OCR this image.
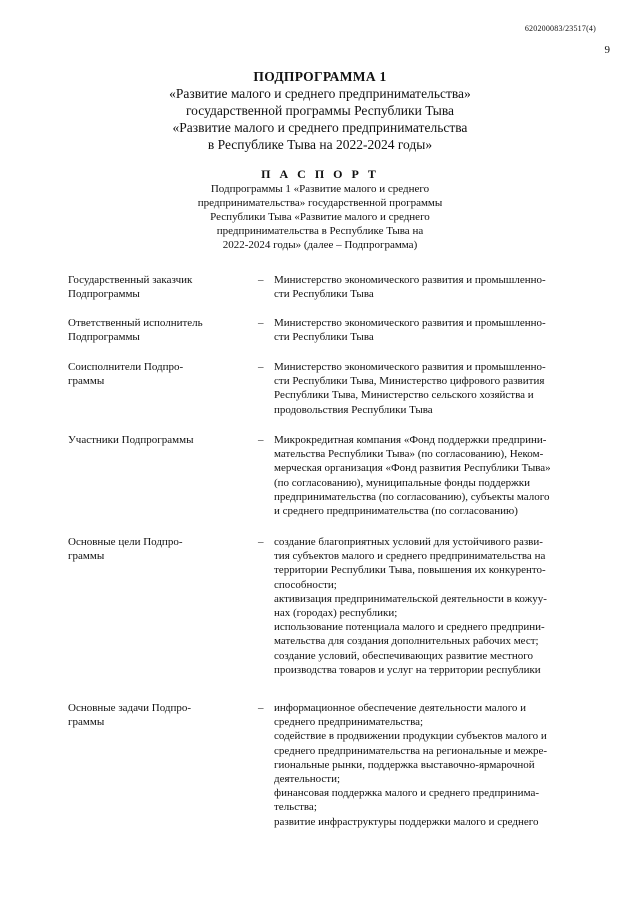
620200083/23517(4)
9
ПОДПРОГРАММА 1
«Развитие малого и среднего предпринимательства»
государственной программы Республики Тыва
«Развитие малого и среднего предпринимательства
в Республике Тыва на 2022-2024 годы»
П А С П О Р Т
Подпрограммы 1 «Развитие малого и среднего
предпринимательства» государственной программы
Республики Тыва «Развитие малого и среднего
предпринимательства в Республике Тыва на
2022-2024 годы» (далее – Подпрограмма)
Государственный заказчик
Подпрограммы
– Министерство экономического развития и промышленно-
сти Республики Тыва
Ответственный исполнитель
Подпрограммы
– Министерство экономического развития и промышленно-
сти Республики Тыва
Соисполнители Подпро-
граммы
– Министерство экономического развития и промышленно-
сти Республики Тыва, Министерство цифрового развития
Республики Тыва, Министерство сельского хозяйства и
продовольствия Республики Тыва
Участники Подпрограммы	– Микрокредитная компания «Фонд поддержки предприни-
мательства Республики Тыва» (по согласованию), Неком-
мерческая организация «Фонд развития Республики Тыва»
(по согласованию), муниципальные фонды поддержки
предпринимательства (по согласованию), субъекты малого
и среднего предпринимательства (по согласованию)
Основные цели Подпро-
граммы
– создание благоприятных условий для устойчивого разви-
тия субъектов малого и среднего предпринимательства на
территории Республики Тыва, повышения их конкуренто-
способности;
активизация предпринимательской деятельности в кожуу-
нах (городах) республики;
использование потенциала малого и среднего предприни-
мательства для создания дополнительных рабочих мест;
создание условий, обеспечивающих развитие местного
производства товаров и услуг на территории республики
Основные задачи Подпро-
граммы
– информационное обеспечение деятельности малого и
среднего предпринимательства;
содействие в продвижении продукции субъектов малого и
среднего предпринимательства на региональные и межре-
гиональные рынки, поддержка выставочно-ярмарочной
деятельности;
финансовая поддержка малого и среднего предпринима-
тельства;
развитие инфраструктуры поддержки малого и среднего
